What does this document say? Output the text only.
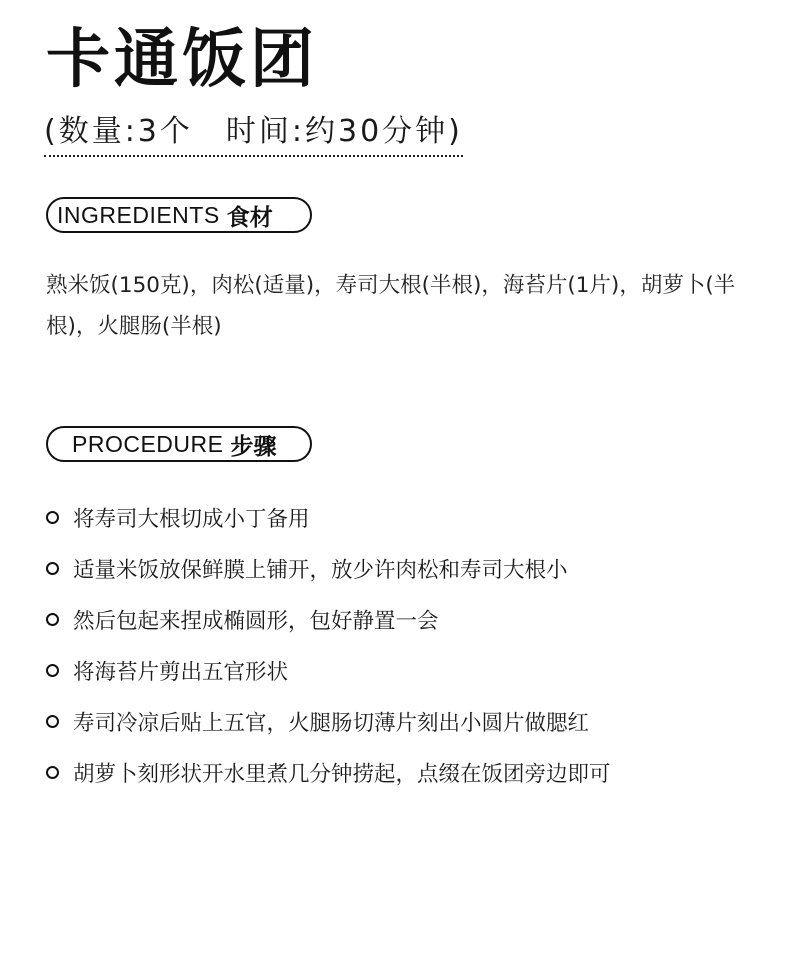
卡通饭团
(数量:3个　时间:约30分钟)
INGREDIENTS 食材
熟米饭(150克)，肉松(适量)，寿司大根(半根)，海苔片(1片)，胡萝卜(半根)，火腿肠(半根)
PROCEDURE 步骤
将寿司大根切成小丁备用
适量米饭放保鲜膜上铺开，放少许肉松和寿司大根小
然后包起来捏成椭圆形，包好静置一会
将海苔片剪出五官形状
寿司冷凉后贴上五官，火腿肠切薄片刻出小圆片做腮红
胡萝卜刻形状开水里煮几分钟捞起，点缀在饭团旁边即可
